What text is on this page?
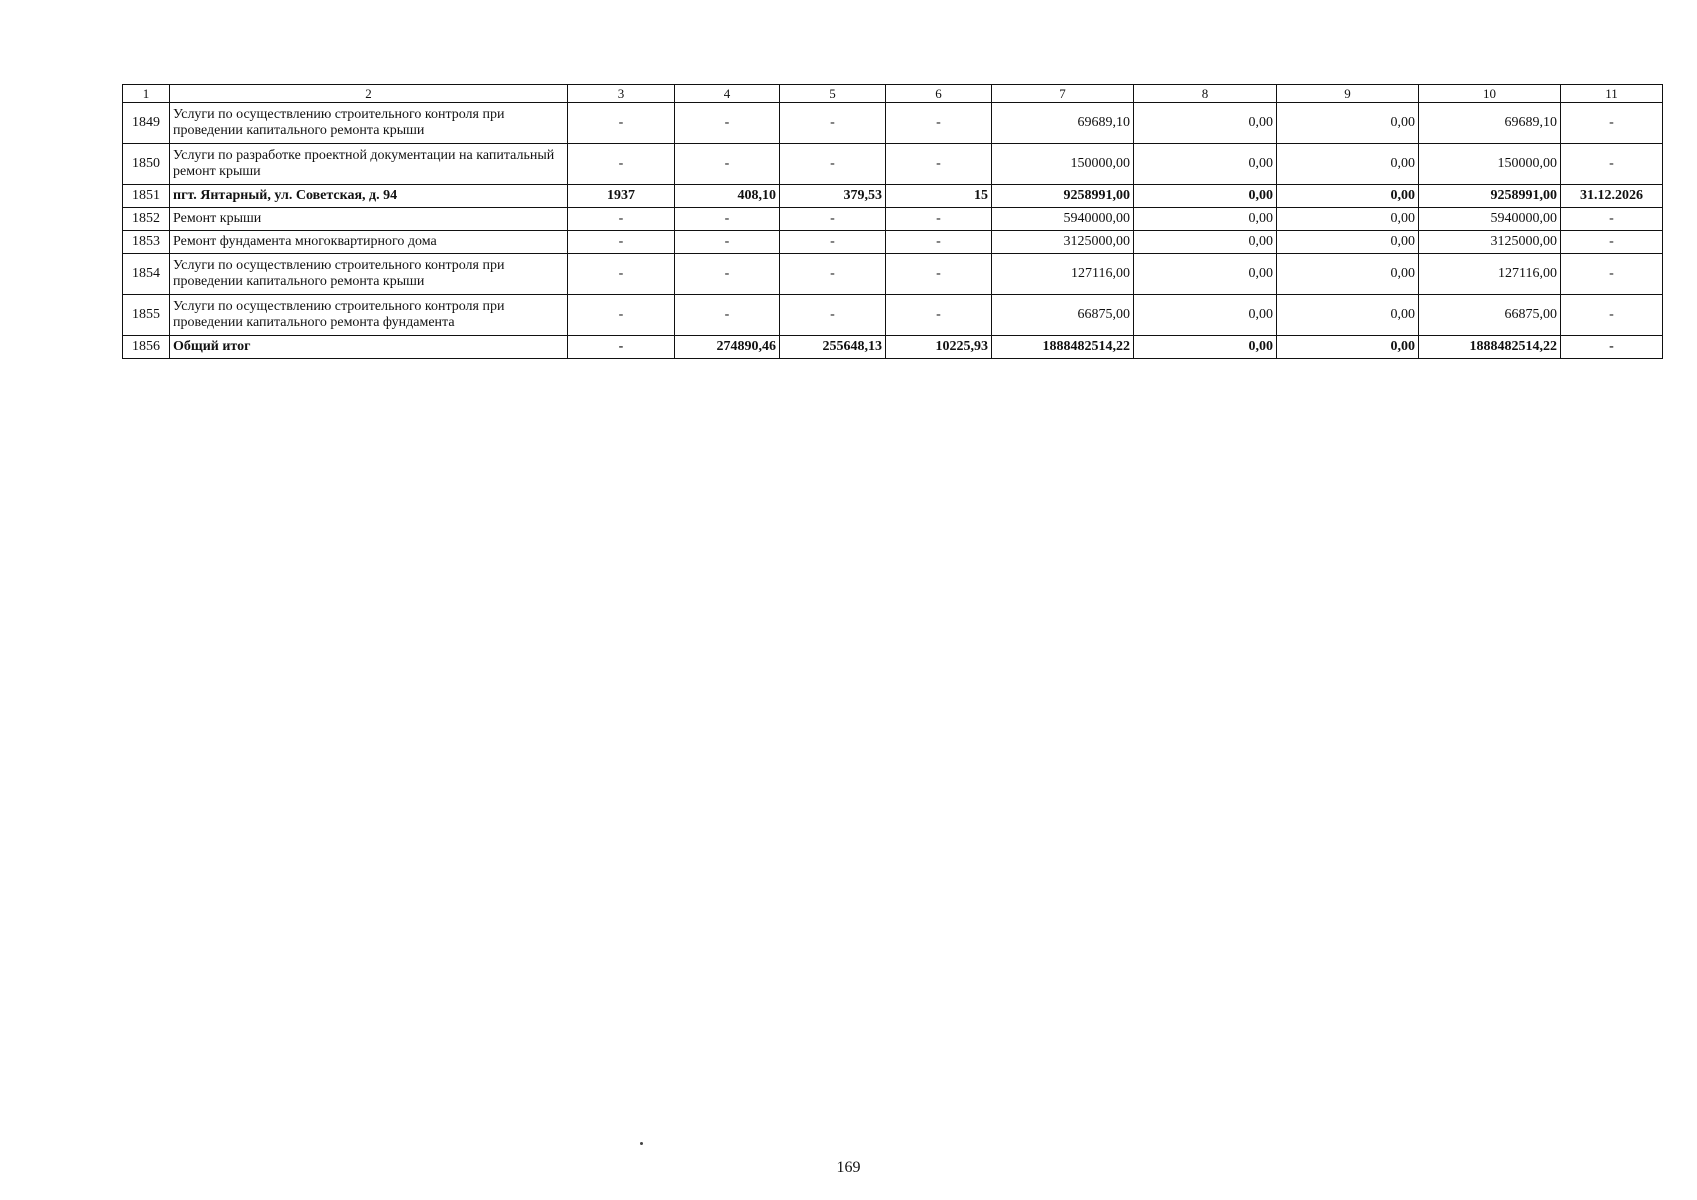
1	2	3	4	5	6	7	8	9	10	11
1849	Услуги по осуществлению строительного контроля при проведении капитального ремонта крыши	-	-	-	-	69689,10	0,00	0,00	69689,10	-
1850	Услуги по разработке проектной документации на капитальный ремонт крыши	-	-	-	-	150000,00	0,00	0,00	150000,00	-
1851	пгт. Янтарный, ул. Советская, д. 94	1937	408,10	379,53	15	9258991,00	0,00	0,00	9258991,00	31.12.2026
1852	Ремонт крыши	-	-	-	-	5940000,00	0,00	0,00	5940000,00	-
1853	Ремонт фундамента многоквартирного дома	-	-	-	-	3125000,00	0,00	0,00	3125000,00	-
1854	Услуги по осуществлению строительного контроля при проведении капитального ремонта крыши	-	-	-	-	127116,00	0,00	0,00	127116,00	-
1855	Услуги по осуществлению строительного контроля при проведении капитального ремонта фундамента	-	-	-	-	66875,00	0,00	0,00	66875,00	-
1856	Общий итог	-	274890,46	255648,13	10225,93	1888482514,22	0,00	0,00	1888482514,22	-
169
